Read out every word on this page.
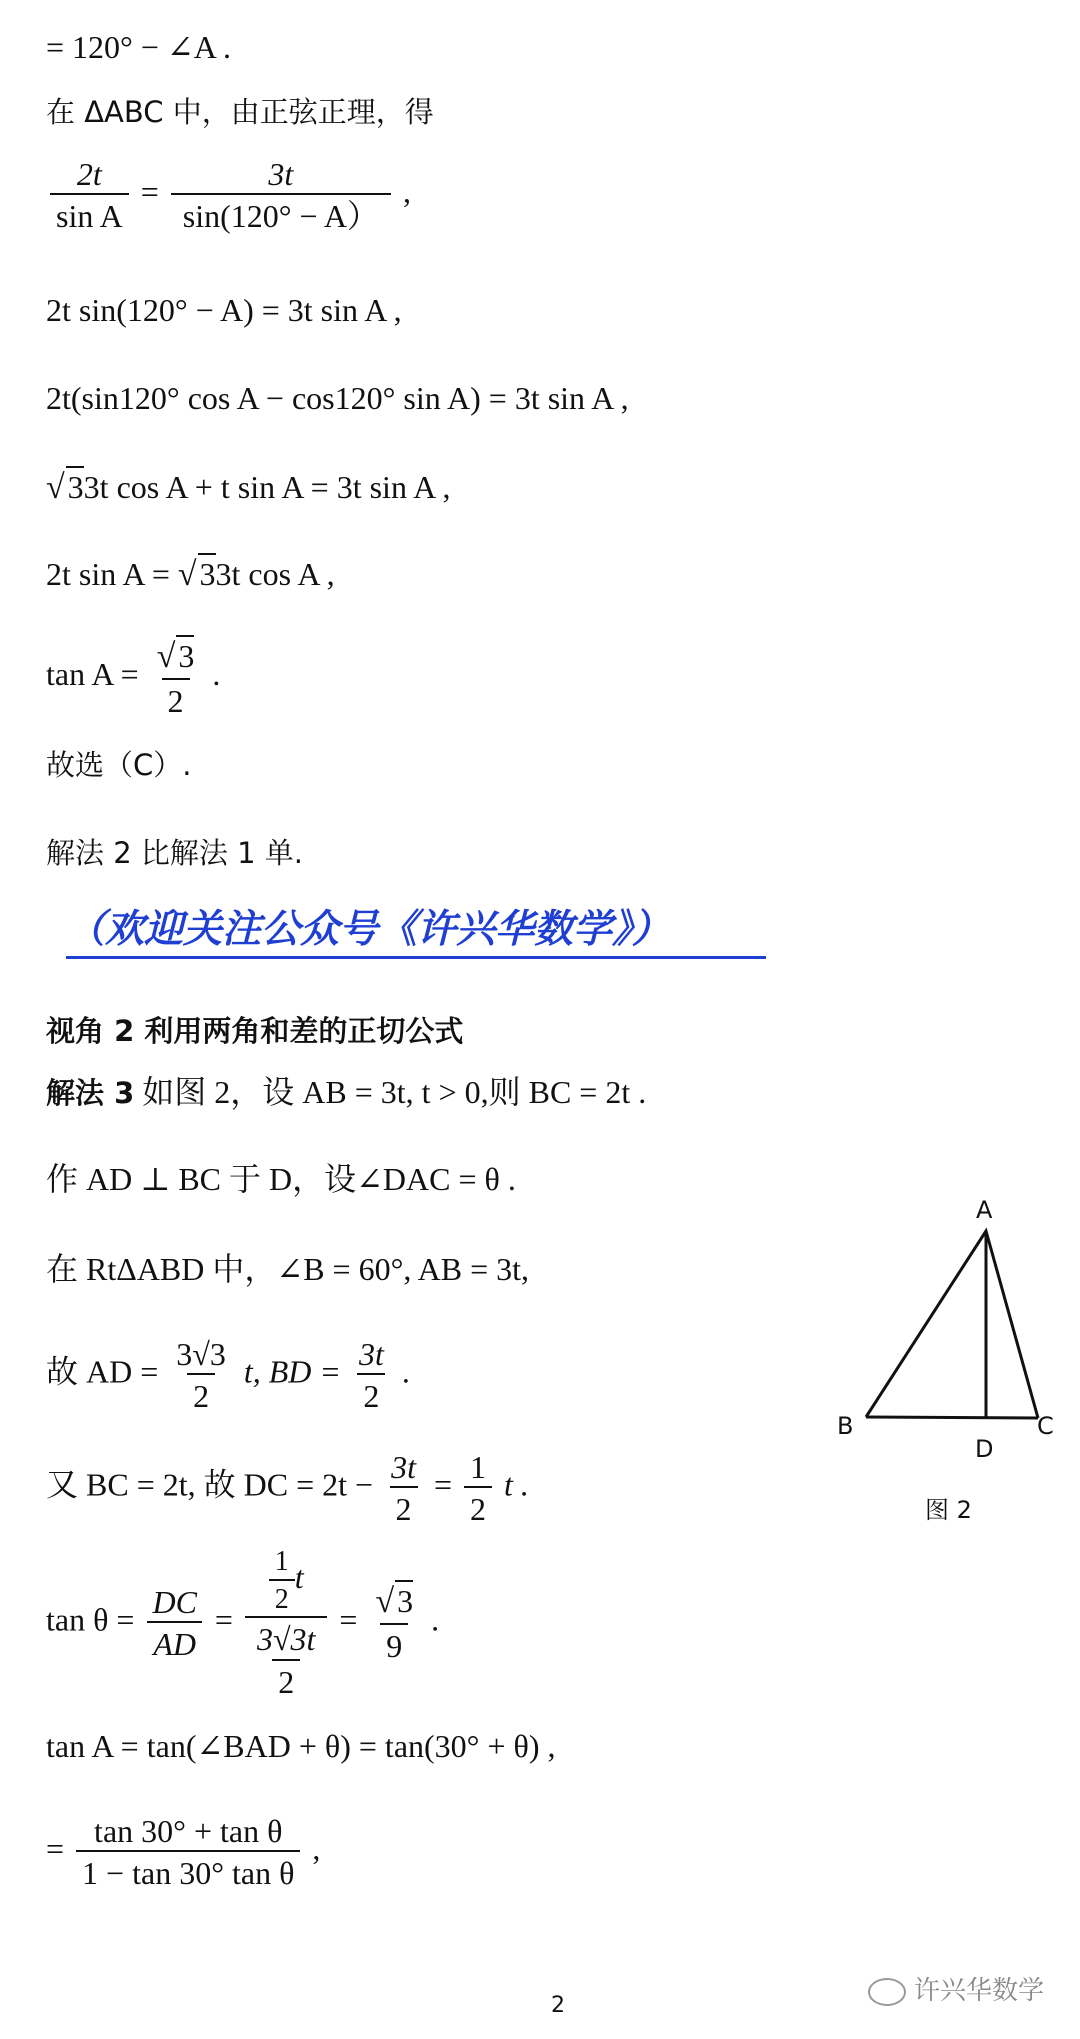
= 120° − ∠A .
在 ΔABC 中，由正弦正理，得
$\frac{2t}{\text{sin A}} = \frac{3t}{\sin(120^\circ - A)}$ ,
2t sin(120° − A) = 3t sin A ,
2t(sin120° cos A − cos120° sin A) = 3t sin A ,
√33t cos A + t sin A = 3t sin A ,
2t sin A = √33t cos A ,
$\tan A = \frac{√3}{2}$ .
故选（C）.
解法 2 比解法 1 单.
（欢迎关注公众号《许兴华数学》）
视角 2 利用两角和差的正切公式
解法 3 如图 2，设 AB = 3t, t > 0,则 BC = 2t .
作 AD ⊥ BC 于 D，设∠DAC = θ .
在 RtΔABD 中，∠B = 60°, AB = 3t,
故 AD = $\frac{3√3}{2} t$, BD = $\frac{3t}{2}$ .
又 BC = 2t, 故 DC = $2t - \frac{3t}{2} = \frac{1}{2}$ t .
$\tan \theta = \frac{DC}{AD} = \frac{\frac{1}{2} t}{\frac{3√3t}{2}} = \frac{√3}{9}$ .
tan A = tan(∠BAD + θ) = tan(30° + θ) ,
= $\frac{\text{tan 30° + tan θ}}{\text{1 − tan 30° tan θ}}$ ,
A
B	C
D
图 2
2	许兴华数学
